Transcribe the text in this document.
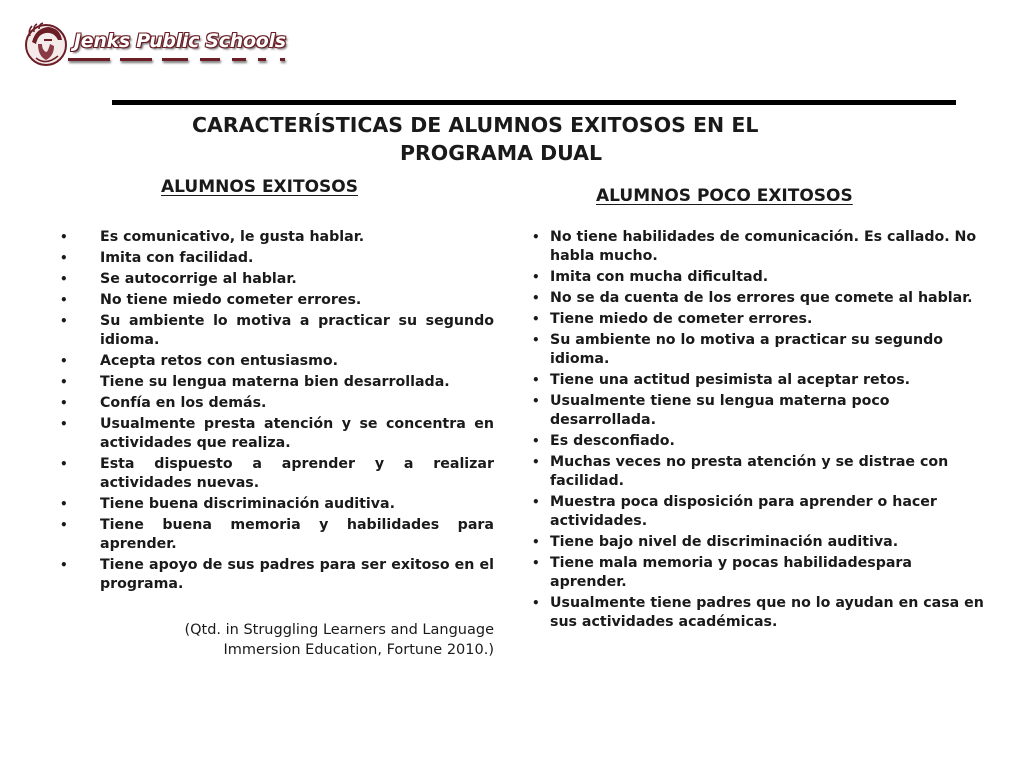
Jenks Public Schools
CARACTERÍSTICAS DE ALUMNOS EXITOSOS EN EL
PROGRAMA DUAL
ALUMNOS EXITOSOS	ALUMNOS POCO EXITOSOS
• Es comunicativo, le gusta hablar.
• Imita con facilidad.
• Se autocorrige al hablar.
• No tiene miedo cometer errores.
• Su ambiente lo motiva a practicar su segundo idioma.
• Acepta retos con entusiasmo.
• Tiene su lengua materna bien desarrollada.
• Confía en los demás.
• Usualmente presta atención y se concentra en actividades que realiza.
• Esta dispuesto a aprender y a realizar actividades nuevas.
• Tiene buena discriminación auditiva.
• Tiene buena memoria y habilidades para aprender.
• Tiene apoyo de sus padres para ser exitoso en el programa.
(Qtd. in Struggling Learners and Language
Immersion Education, Fortune 2010.)
• No tiene habilidades de comunicación. Es callado. No habla mucho.
• Imita con mucha dificultad.
• No se da cuenta de los errores que comete al hablar.
• Tiene miedo de cometer errores.
• Su ambiente no lo motiva a practicar su segundo idioma.
• Tiene una actitud pesimista al aceptar retos.
• Usualmente tiene su lengua materna poco desarrollada.
• Es desconfiado.
• Muchas veces no presta atención y se distrae con facilidad.
• Muestra poca disposición para aprender o hacer actividades.
• Tiene bajo nivel de discriminación auditiva.
• Tiene mala memoria y pocas habilidadespara aprender.
• Usualmente tiene padres que no lo ayudan en casa en sus actividades académicas.
